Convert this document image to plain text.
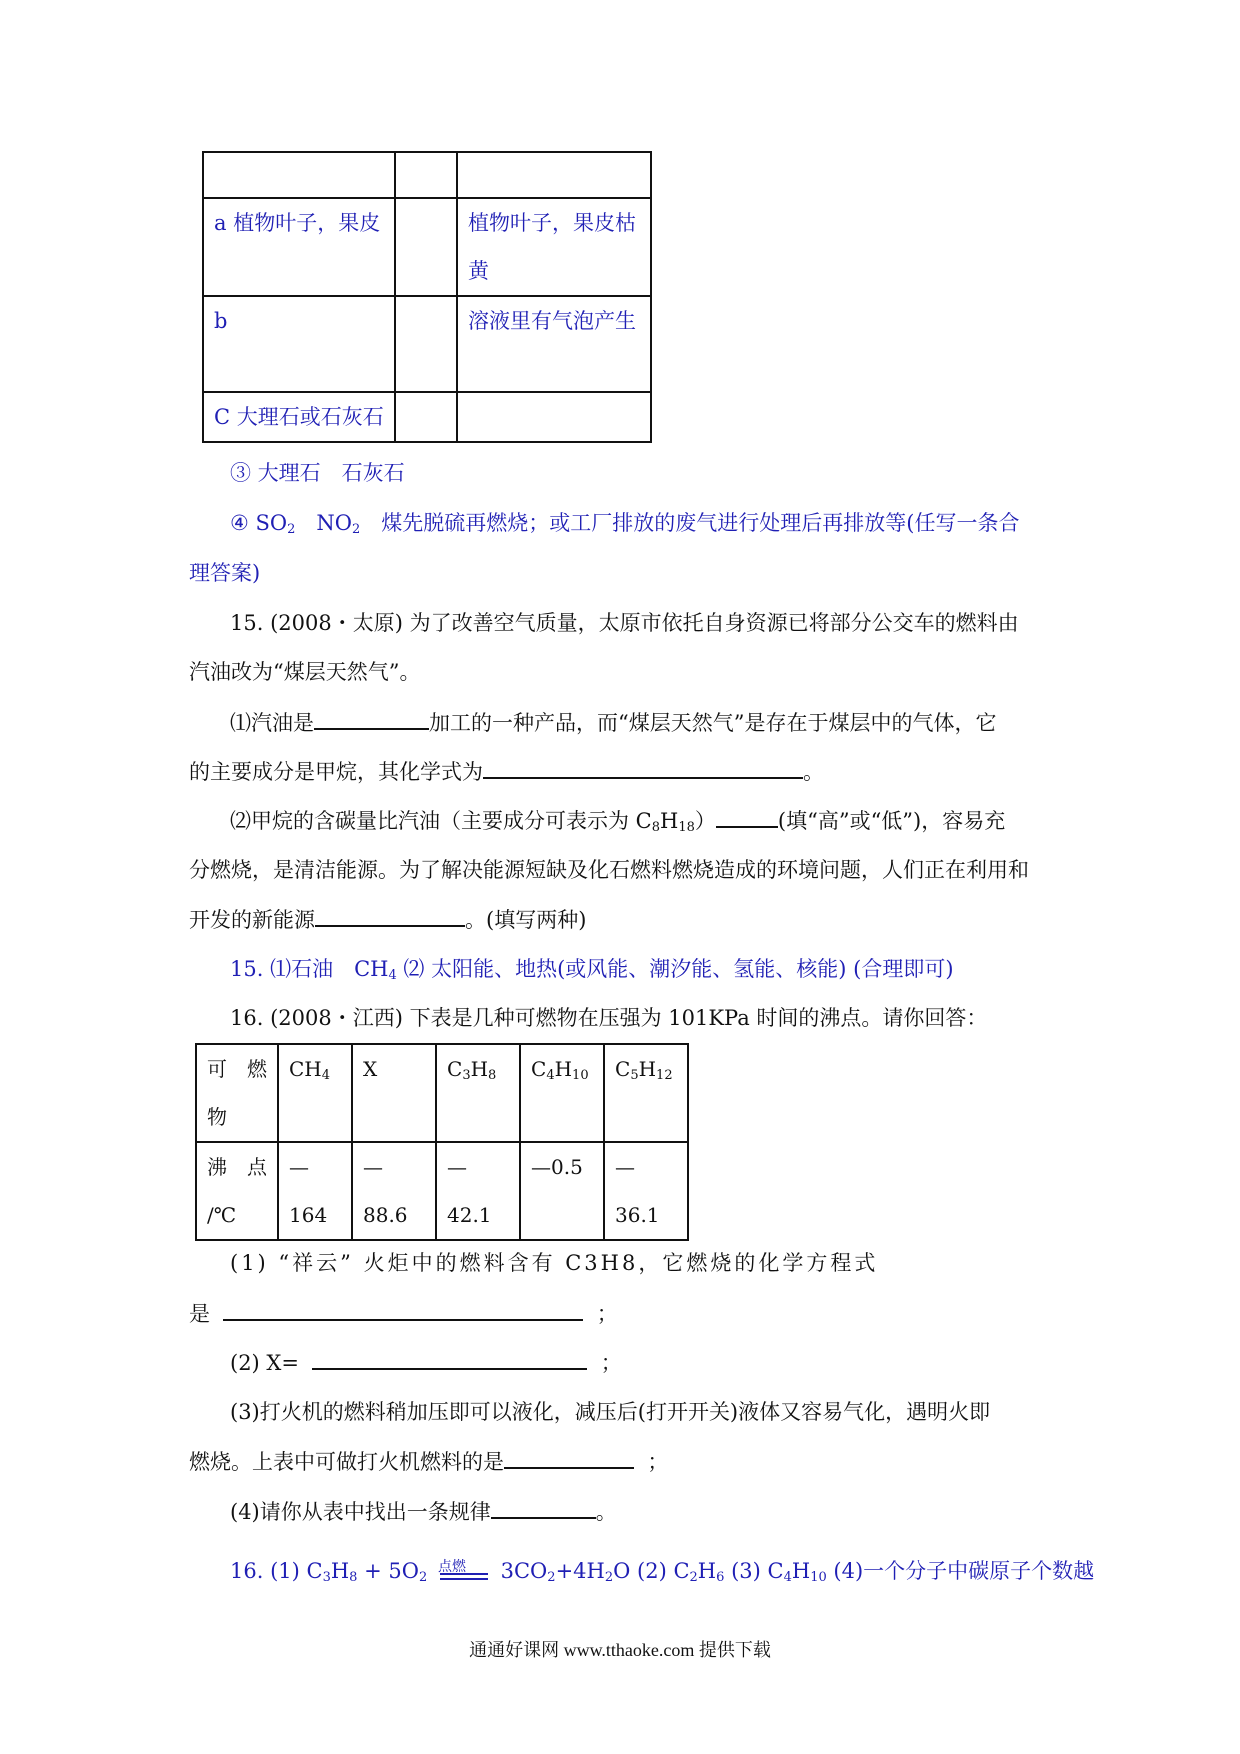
a 植物叶子，果皮		植物叶子，果皮枯黄
b		溶液里有气泡产生
C 大理石或石灰石		
③ 大理石　石灰石
④ $SO_2$　$NO_2$　煤先脱硫再燃烧；或工厂排放的废气进行处理后再排放等(任写一条合
理答案)
15. (2008・太原) 为了改善空气质量，太原市依托自身资源已将部分公交车的燃料由
汽油改为“煤层天然气”。
⑴汽油是	加工的一种产品，而“煤层天然气”是存在于煤层中的气体，它
的主要成分是甲烷，其化学式为	。
⑵甲烷的含碳量比汽油（主要成分可表示为 $C_8H_{18}$）	(填“高”或“低”)，容易充
分燃烧，是清洁能源。为了解决能源短缺及化石燃料燃烧造成的环境问题，人们正在利用和
开发的新能源	。(填写两种)
15. ⑴石油　$CH_4$ ⑵ 太阳能、地热(或风能、潮汐能、氢能、核能) (合理即可)
16. (2008・江西) 下表是几种可燃物在压强为 101KPa 时间的沸点。请你回答：
可　燃 物	$CH_4$	X	$C_3H_8$	$C_4H_{10}$	$C_5H_{12}$
沸　点 /℃	— 164	— 88.6	— 42.1	—0.5	— 36.1
(1) “祥云” 火炬中的燃料含有 C3H8，它燃烧的化学方程式
是	；
(2) X=	；
(3)打火机的燃料稍加压即可以液化，减压后(打开开关)液体又容易气化，遇明火即
燃烧。上表中可做打火机燃料的是	；
(4)请你从表中找出一条规律	。
16. (1) $C_3H_8 + 5O_2$
点燃 $3CO_2+4H_2O$ (2) $C_2H_6$ (3) $C_4H_{10}$ (4)一个分子中碳原子个数越
通通好课网 www.tthaoke.com 提供下载
